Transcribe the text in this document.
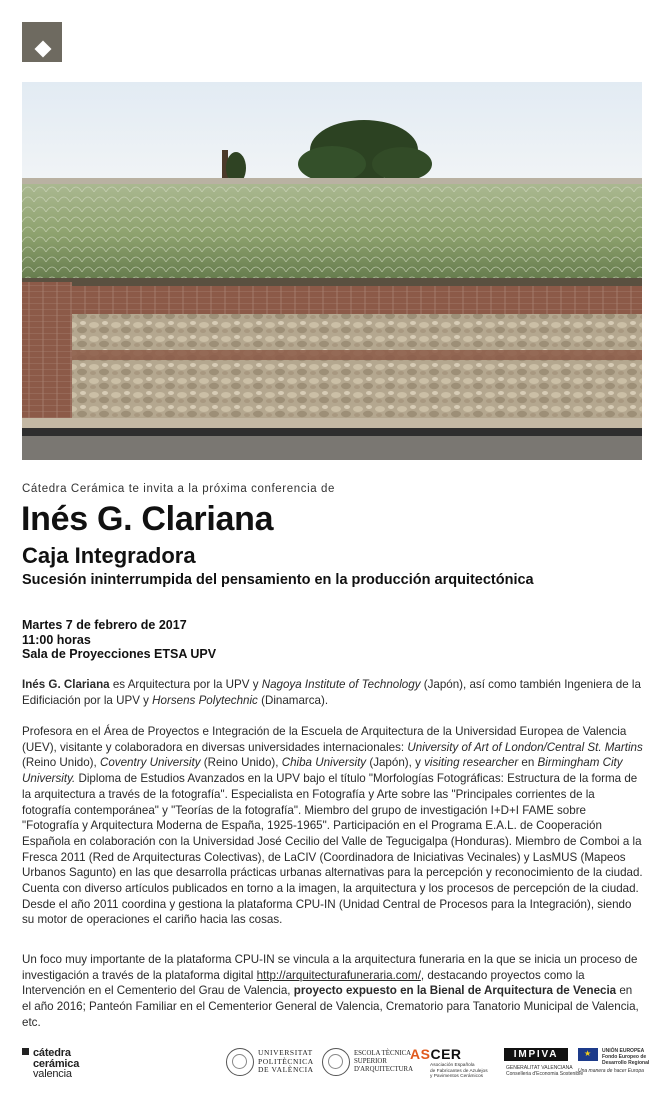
Cátedra Cerámica te invita a la próxima conferencia de
Inés G. Clariana
Caja Integradora
Sucesión ininterrumpida del pensamiento en la producción arquitectónica
Martes 7 de febrero de 2017
11:00 horas
Sala de Proyecciones ETSA UPV
Inés G. Clariana es Arquitectura por la UPV y Nagoya Institute of Technology (Japón), así como también Ingeniera de la Edificiación por la UPV y Horsens Polytechnic (Dinamarca).
Profesora en el Área de Proyectos e Integración de la Escuela de Arquitectura de la Universidad Europea de Valencia (UEV), visitante y colaboradora en diversas universidades internacionales: University of Art of London/Central St. Martins (Reino Unido), Coventry University (Reino Unido), Chiba University (Japón), y visiting researcher en Birmingham City University. Diploma de Estudios Avanzados en la UPV bajo el título "Morfologías Fotográficas: Estructura de la forma de la arquitectura a través de la fotografía". Especialista en Fotografía y Arte sobre las "Principales corrientes de la fotografía contemporánea" y "Teorías de la fotografía". Miembro del grupo de investigación I+D+I FAME sobre "Fotografía y Arquitectura Moderna de España, 1925-1965". Participación en el Programa E.A.L. de Cooperación Española en colaboración con la Universidad José Cecilio del Valle de Tegucigalpa (Honduras). Miembro de Comboi a la Fresca 2011 (Red de Arquitecturas Colectivas), de LaCIV (Coordinadora de Iniciativas Vecinales) y LasMUS (Mapeos Urbanos Sagunto) en las que desarrolla prácticas urbanas alternativas para la percepción y reconocimiento de la ciudad. Cuenta con diverso artículos publicados en torno a la imagen, la arquitectura y los procesos de percepción de la ciudad. Desde el año 2011 coordina y gestiona la plataforma CPU-IN (Unidad Central de Procesos para la Integración), siendo su motor de operaciones el cariño hacia las cosas.
Un foco muy importante de la plataforma CPU-IN se vincula a la arquitectura funeraria en la que se inicia un proceso de investigación a través de la plataforma digital http://arquitecturafuneraria.com/, destacando proyectos como la Intervención en el Cementerio del Grau de Valencia, proyecto expuesto en la Bienal de Arquitectura de Venecia en el año 2016; Panteón Familiar en el Cementerior General de Valencia, Crematorio para Tanatorio Municipal de Valencia, etc.
cátedra
cerámica
valencia
UNIVERSITAT
POLITÈCNICA
DE VALÈNCIA
ESCOLA TÈCNICA
SUPERIOR
D'ARQUITECTURA
ASCER
Asociación Española
de Fabricantes de Azulejos
y Pavimentos Cerámicos
IMPIVA
GENERALITAT VALENCIANA
Conselleria d'Economia Sostenible
★
UNIÓN EUROPEA
Fondo Europeo de
Desarrollo Regional
Una manera de hacer Europa
